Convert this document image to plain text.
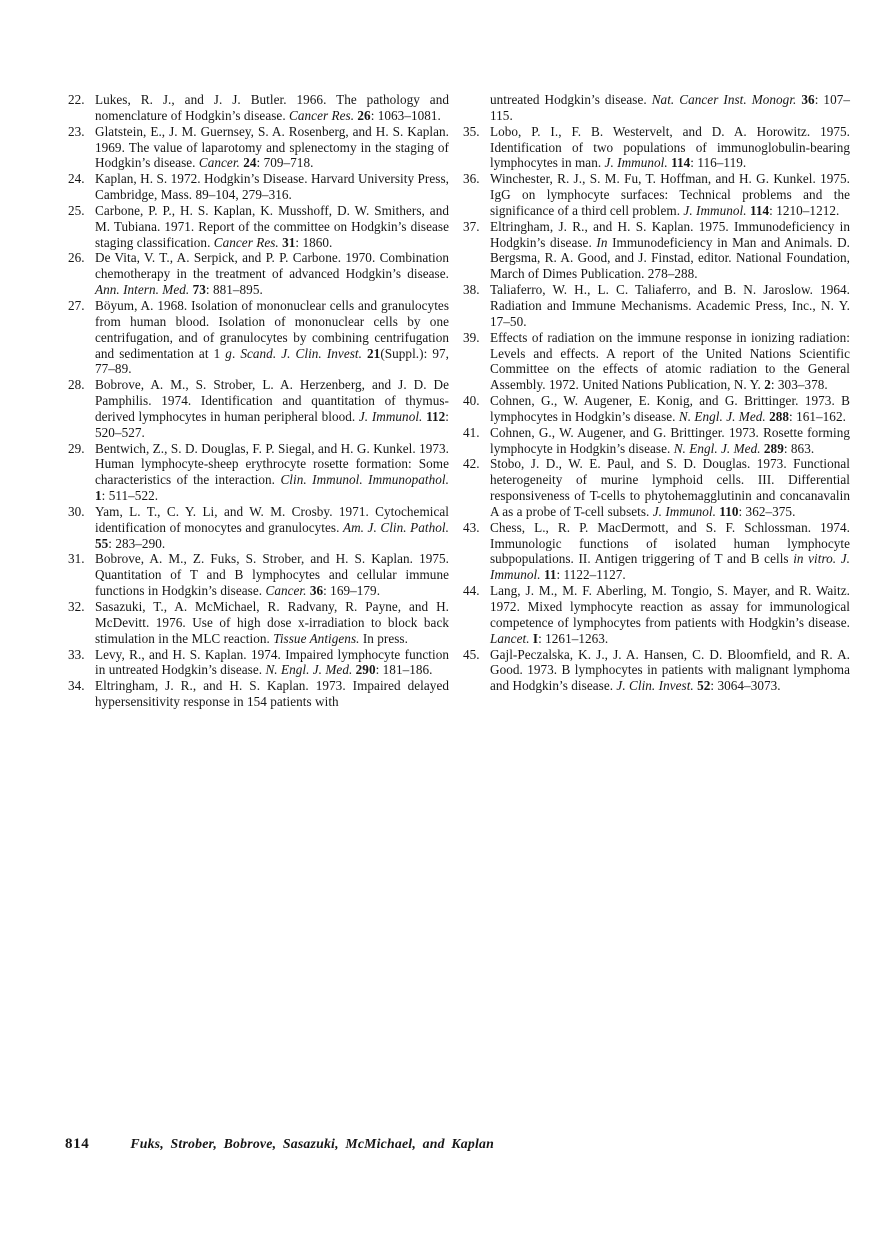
22. Lukes, R. J., and J. J. Butler. 1966. The pathology and nomenclature of Hodgkin’s disease. Cancer Res. 26: 1063–1081.
23. Glatstein, E., J. M. Guernsey, S. A. Rosenberg, and H. S. Kaplan. 1969. The value of laparotomy and splenectomy in the staging of Hodgkin’s disease. Cancer. 24: 709–718.
24. Kaplan, H. S. 1972. Hodgkin’s Disease. Harvard University Press, Cambridge, Mass. 89–104, 279–316.
25. Carbone, P. P., H. S. Kaplan, K. Musshoff, D. W. Smithers, and M. Tubiana. 1971. Report of the committee on Hodgkin’s disease staging classification. Cancer Res. 31: 1860.
26. De Vita, V. T., A. Serpick, and P. P. Carbone. 1970. Combination chemotherapy in the treatment of advanced Hodgkin’s disease. Ann. Intern. Med. 73: 881–895.
27. Böyum, A. 1968. Isolation of mononuclear cells and granulocytes from human blood. Isolation of mononuclear cells by one centrifugation, and of granulocytes by combining centrifugation and sedimentation at 1 g. Scand. J. Clin. Invest. 21(Suppl.): 97, 77–89.
28. Bobrove, A. M., S. Strober, L. A. Herzenberg, and J. D. De Pamphilis. 1974. Identification and quantitation of thymus-derived lymphocytes in human peripheral blood. J. Immunol. 112: 520–527.
29. Bentwich, Z., S. D. Douglas, F. P. Siegal, and H. G. Kunkel. 1973. Human lymphocyte-sheep erythrocyte rosette formation: Some characteristics of the interaction. Clin. Immunol. Immunopathol. 1: 511–522.
30. Yam, L. T., C. Y. Li, and W. M. Crosby. 1971. Cytochemical identification of monocytes and granulocytes. Am. J. Clin. Pathol. 55: 283–290.
31. Bobrove, A. M., Z. Fuks, S. Strober, and H. S. Kaplan. 1975. Quantitation of T and B lymphocytes and cellular immune functions in Hodgkin’s disease. Cancer. 36: 169–179.
32. Sasazuki, T., A. McMichael, R. Radvany, R. Payne, and H. McDevitt. 1976. Use of high dose x-irradiation to block back stimulation in the MLC reaction. Tissue Antigens. In press.
33. Levy, R., and H. S. Kaplan. 1974. Impaired lymphocyte function in untreated Hodgkin’s disease. N. Engl. J. Med. 290: 181–186.
34. Eltringham, J. R., and H. S. Kaplan. 1973. Impaired delayed hypersensitivity response in 154 patients with
untreated Hodgkin’s disease. Nat. Cancer Inst. Monogr. 36: 107–115.
35. Lobo, P. I., F. B. Westervelt, and D. A. Horowitz. 1975. Identification of two populations of immunoglobulin-bearing lymphocytes in man. J. Immunol. 114: 116–119.
36. Winchester, R. J., S. M. Fu, T. Hoffman, and H. G. Kunkel. 1975. IgG on lymphocyte surfaces: Technical problems and the significance of a third cell problem. J. Immunol. 114: 1210–1212.
37. Eltringham, J. R., and H. S. Kaplan. 1975. Immunodeficiency in Hodgkin’s disease. In Immunodeficiency in Man and Animals. D. Bergsma, R. A. Good, and J. Finstad, editor. National Foundation, March of Dimes Publication. 278–288.
38. Taliaferro, W. H., L. C. Taliaferro, and B. N. Jaroslow. 1964. Radiation and Immune Mechanisms. Academic Press, Inc., N. Y. 17–50.
39. Effects of radiation on the immune response in ionizing radiation: Levels and effects. A report of the United Nations Scientific Committee on the effects of atomic radiation to the General Assembly. 1972. United Nations Publication, N. Y. 2: 303–378.
40. Cohnen, G., W. Augener, E. Konig, and G. Brittinger. 1973. B lymphocytes in Hodgkin’s disease. N. Engl. J. Med. 288: 161–162.
41. Cohnen, G., W. Augener, and G. Brittinger. 1973. Rosette forming lymphocyte in Hodgkin’s disease. N. Engl. J. Med. 289: 863.
42. Stobo, J. D., W. E. Paul, and S. D. Douglas. 1973. Functional heterogeneity of murine lymphoid cells. III. Differential responsiveness of T-cells to phytohemagglutinin and concanavalin A as a probe of T-cell subsets. J. Immunol. 110: 362–375.
43. Chess, L., R. P. MacDermott, and S. F. Schlossman. 1974. Immunologic functions of isolated human lymphocyte subpopulations. II. Antigen triggering of T and B cells in vitro. J. Immunol. 11: 1122–1127.
44. Lang, J. M., M. F. Aberling, M. Tongio, S. Mayer, and R. Waitz. 1972. Mixed lymphocyte reaction as assay for immunological competence of lymphocytes from patients with Hodgkin’s disease. Lancet. I: 1261–1263.
45. Gajl-Peczalska, K. J., J. A. Hansen, C. D. Bloomfield, and R. A. Good. 1973. B lymphocytes in patients with malignant lymphoma and Hodgkin’s disease. J. Clin. Invest. 52: 3064–3073.
814	Fuks, Strober, Bobrove, Sasazuki, McMichael, and Kaplan
